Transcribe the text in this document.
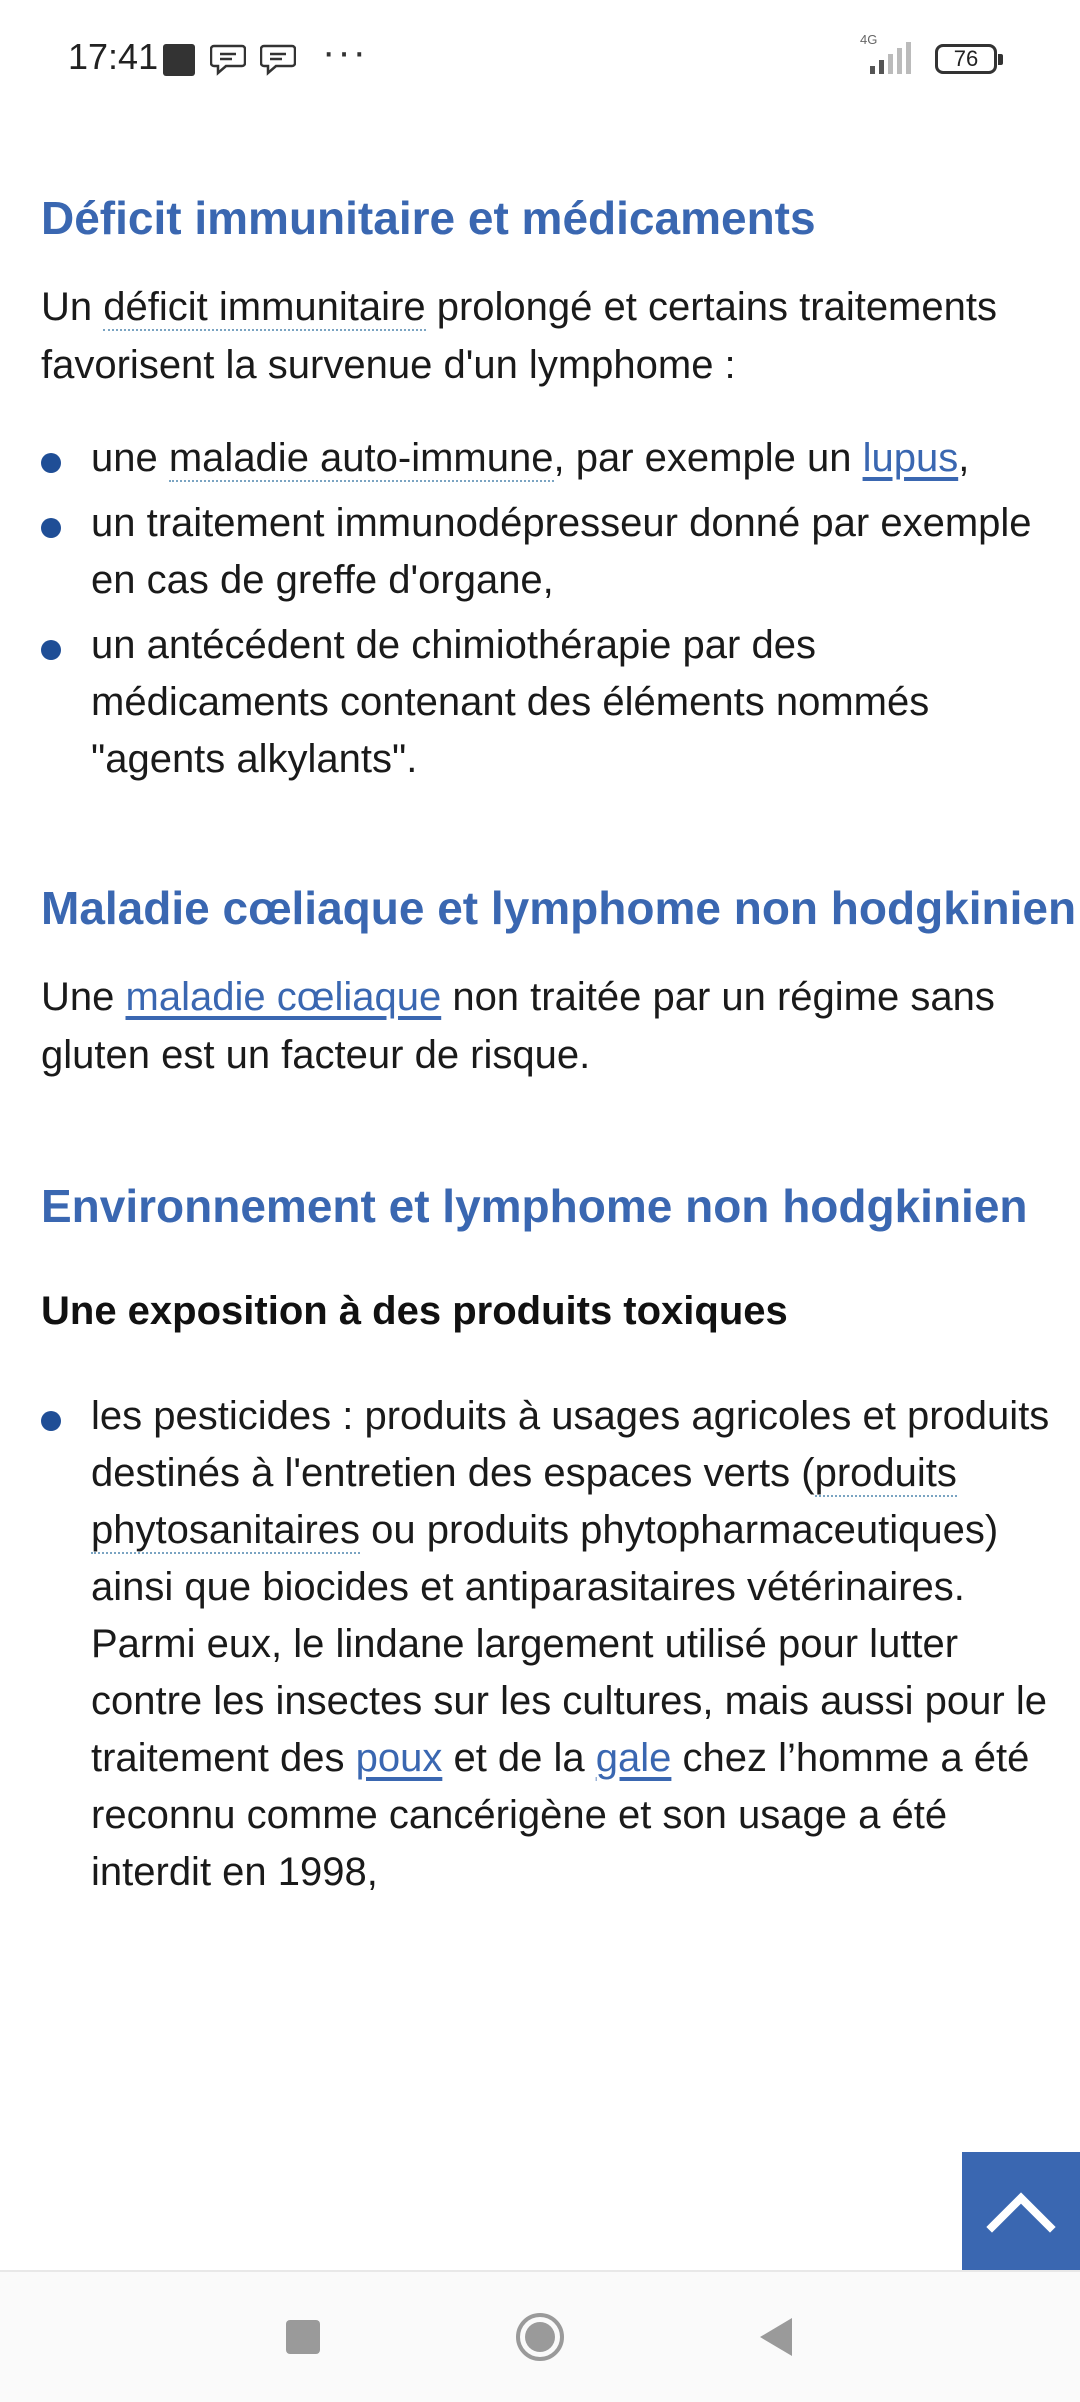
17:41	···	4G
76
Déficit immunitaire et médicaments

Un déficit immunitaire prolongé et certains traitements favorisent la survenue d'un lymphome :

une maladie auto-immune, par exemple un lupus,
un traitement immunodépresseur donné par exemple en cas de greffe d'organe,
un antécédent de chimiothérapie par des médicaments contenant des éléments nommés "agents alkylants".
Maladie cœliaque et lymphome non hodgkinien

Une maladie cœliaque non traitée par un régime sans gluten est un facteur de risque.

Environnement et lymphome non hodgkinien
Une exposition à des produits toxiques
les pesticides : produits à usages agricoles et produits destinés à l'entretien des espaces verts (produits phytosanitaires ou produits phytopharmaceutiques) ainsi que biocides et antiparasitaires vétérinaires. Parmi eux, le lindane largement utilisé pour lutter contre les insectes sur les cultures, mais aussi pour le traitement des poux et de la gale chez l’homme a été reconnu comme cancérigène et son usage a été interdit en 1998,
